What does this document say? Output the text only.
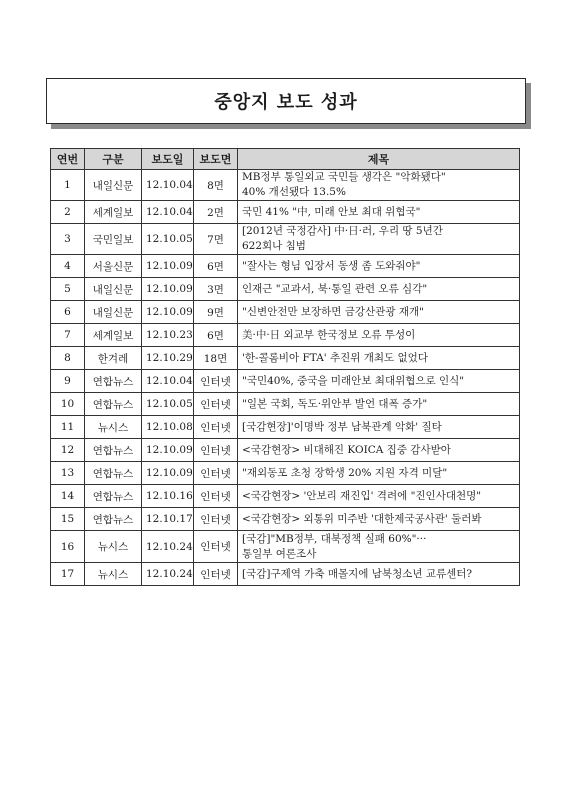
중앙지 보도 성과
연번	구분	보도일	보도면	제목
1	내일신문	12.10.04	8면	MB정부 통일외교 국민들 생각은 "악화됐다"
40% 개선됐다 13.5%

2	세계일보	12.10.04	2면	국민 41% "中, 미래 안보 최대 위협국"

3	국민일보	12.10.05	7면	[2012년 국정감사] 中·日·러, 우리 땅 5년간
622회나 침범

4	서울신문	12.10.09	6면	"잘사는 형님 입장서 동생 좀 도와줘야"

5	내일신문	12.10.09	3면	인재근 "교과서, 북·통일 관련 오류 심각"

6	내일신문	12.10.09	9면	"신변안전만 보장하면 금강산관광 재개"

7	세계일보	12.10.23	6면	美·中·日 외교부 한국정보 오류 투성이

8	한겨레	12.10.29	18면	'한-콜롬비아 FTA' 추진위 개최도 없었다

9	연합뉴스	12.10.04	인터넷	"국민40%, 중국을 미래안보 최대위협으로 인식"

10	연합뉴스	12.10.05	인터넷	"일본 국회, 독도·위안부 발언 대폭 증가"

11	뉴시스	12.10.08	인터넷	[국감현장]'이명박 정부 남북관계 악화' 질타

12	연합뉴스	12.10.09	인터넷	<국감현장> 비대해진 KOICA 집중 감사받아

13	연합뉴스	12.10.09	인터넷	"재외동포 초청 장학생 20% 지원 자격 미달"

14	연합뉴스	12.10.16	인터넷	<국감현장> '안보리 재진입' 격려에 "진인사대천명"

15	연합뉴스	12.10.17	인터넷	<국감현장> 외통위 미주반 '대한제국공사관' 둘러봐

16	뉴시스	12.10.24	인터넷	[국감]"MB정부, 대북정책 실패 60%"···
통일부 여론조사

17	뉴시스	12.10.24	인터넷	[국감]구제역 가축 매몰지에 남북청소년 교류센터?
